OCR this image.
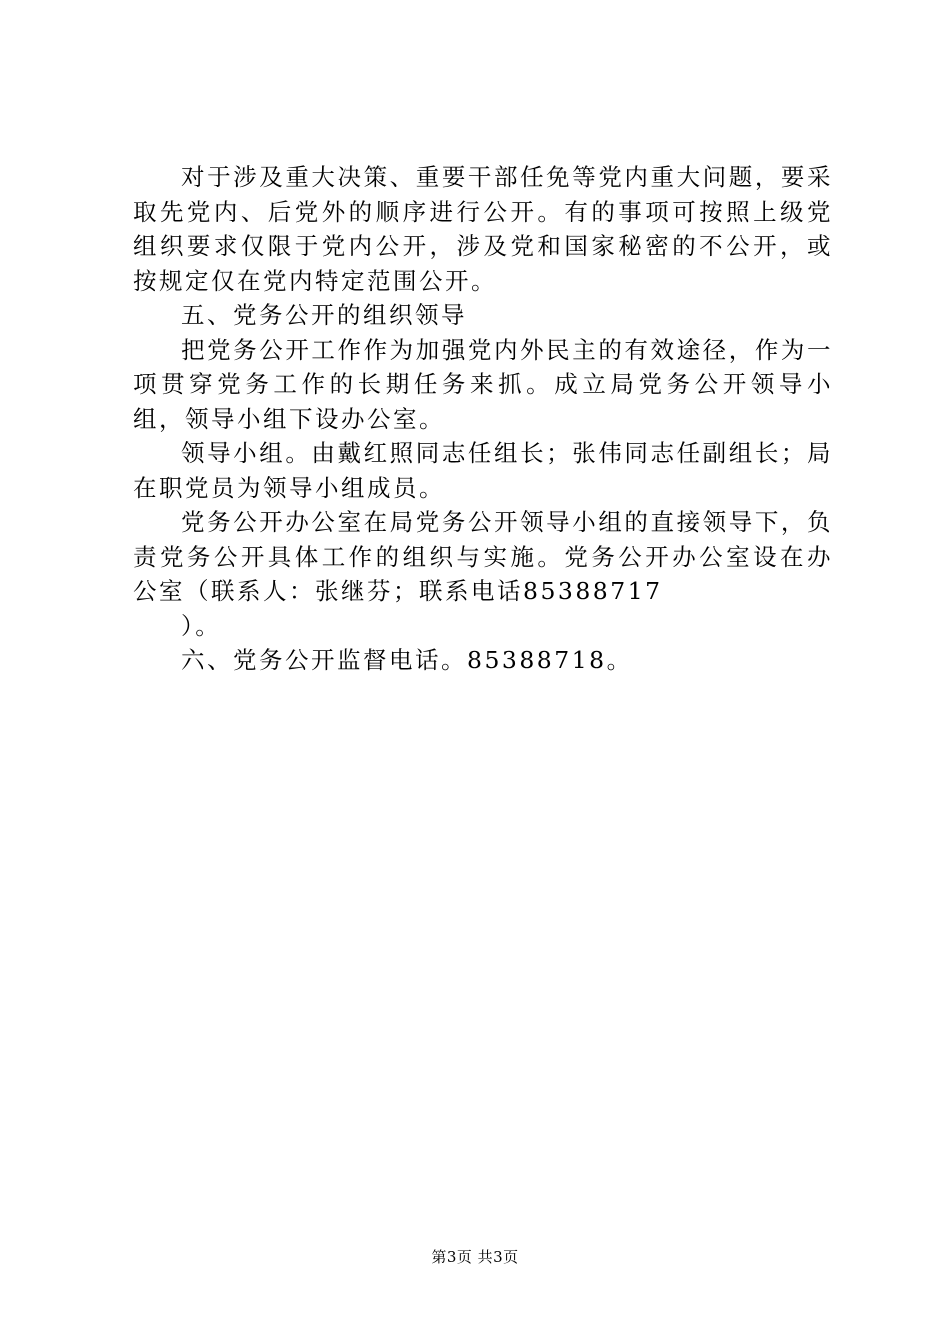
对于涉及重大决策、重要干部任免等党内重大问题，要采取先党内、后党外的顺序进行公开。有的事项可按照上级党组织要求仅限于党内公开，涉及党和国家秘密的不公开，或按规定仅在党内特定范围公开。

五、党务公开的组织领导

把党务公开工作作为加强党内外民主的有效途径，作为一项贯穿党务工作的长期任务来抓。成立局党务公开领导小组，领导小组下设办公室。

领导小组。由戴红照同志任组长；张伟同志任副组长；局在职党员为领导小组成员。

党务公开办公室在局党务公开领导小组的直接领导下，负责党务公开具体工作的组织与实施。党务公开办公室设在办公室（联系人：张继芬；联系电话85388717

）。

六、党务公开监督电话。85388718。

第3页 共3页
